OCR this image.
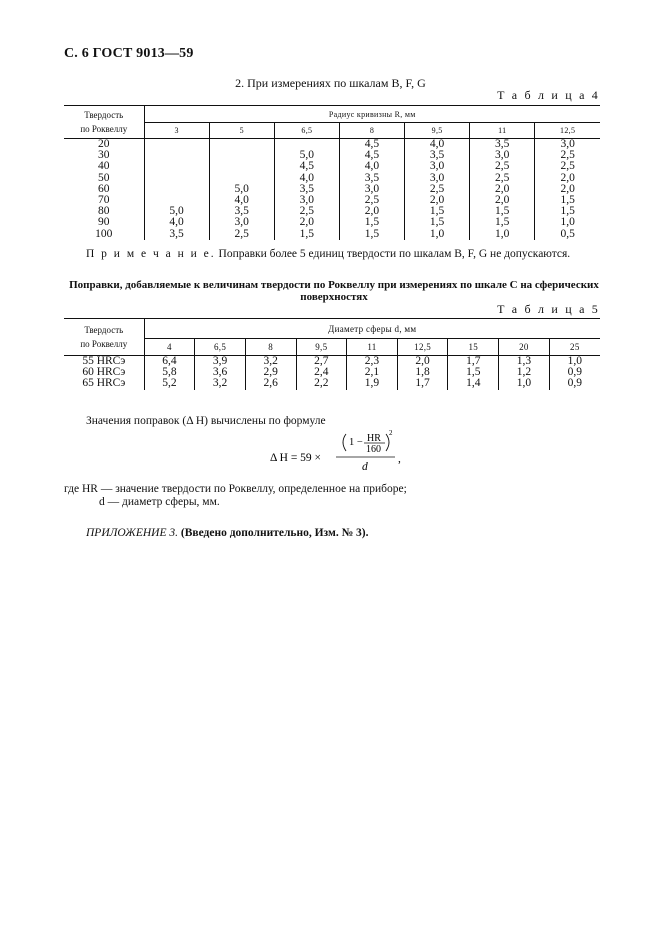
С. 6 ГОСТ 9013—59
2. При измерениях по шкалам B, F, G
Т а б л и ц а 4
Твердость
по Роквеллу	Радиус кривизны R, мм						
	3	5	6,5	8	9,5	11	12,5
20				4,5	4,0	3,5	3,0
30			5,0	4,5	3,5	3,0	2,5
40			4,5	4,0	3,0	2,5	2,5
50			4,0	3,5	3,0	2,5	2,0
60		5,0	3,5	3,0	2,5	2,0	2,0
70		4,0	3,0	2,5	2,0	2,0	1,5
80	5,0	3,5	2,5	2,0	1,5	1,5	1,5
90	4,0	3,0	2,0	1,5	1,5	1,5	1,0
100	3,5	2,5	1,5	1,5	1,0	1,0	0,5

П р и м е ч а н и е. Поправки более 5 единиц твердости по шкалам B, F, G не допускаются.
Поправки, добавляемые к величинам твердости по Роквеллу при измерениях по шкале С на сферических поверхностях
Т а б л и ц а 5
Твердость
по Роквеллу	Диаметр сферы d, мм								
	4	6,5	8	9,5	11	12,5	15	20	25
55 HRCэ	6,4	3,9	3,2	2,7	2,3	2,0	1,7	1,3	1,0
60 HRCэ	5,8	3,6	2,9	2,4	2,1	1,8	1,5	1,2	0,9
65 HRCэ	5,2	3,2	2,6	2,2	1,9	1,7	1,4	1,0	0,9
Значения поправок (Δ H) вычислены по формуле
Δ H = 59 ×
1 − HR
160
2
d
,
где HR — значение твердости по Роквеллу, определенное на приборе;
d — диаметр сферы, мм.
ПРИЛОЖЕНИЕ 3. (Введено дополнительно, Изм. № 3).
